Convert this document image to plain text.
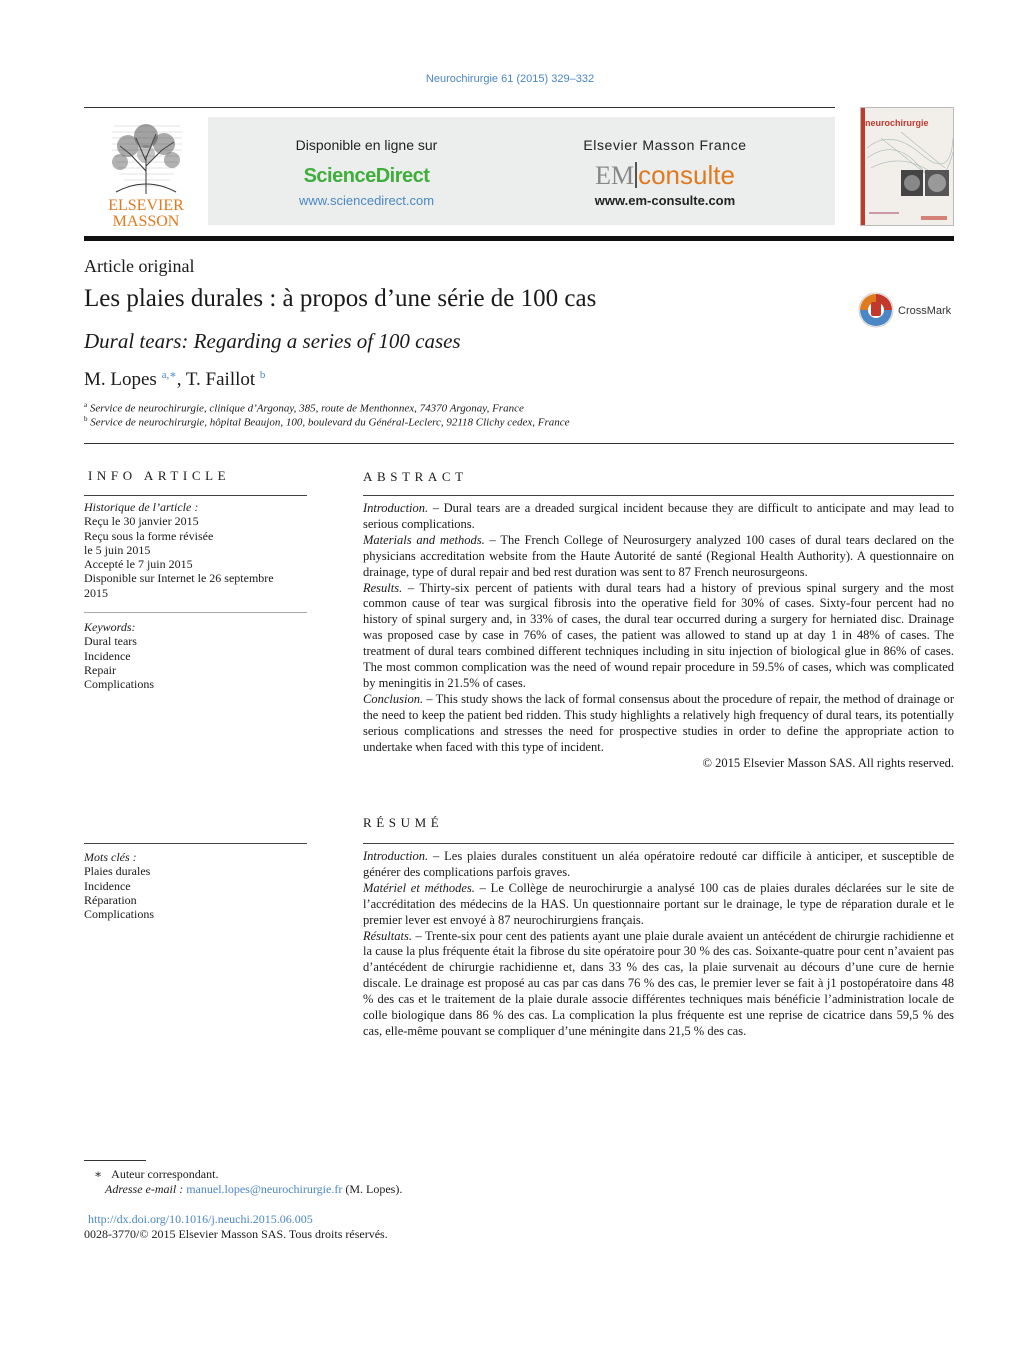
Neurochirurgie 61 (2015) 329–332
ELSEVIER
MASSON
Disponible en ligne sur
ScienceDirect
www.sciencedirect.com
Elsevier Masson France
EM consulte
www.em-consulte.com
neurochirurgie
Article original
Les plaies durales : à propos d’une série de 100 cas
Dural tears: Regarding a series of 100 cases
CrossMark
M. Lopes $^{a,∗}$, T. Faillot $^b$
$^a$ Service de neurochirurgie, clinique d’Argonay, 385, route de Menthonnex, 74370 Argonay, France
$^b$ Service de neurochirurgie, hôpital Beaujon, 100, boulevard du Général-Leclerc, 92118 Clichy cedex, France
INFO ARTICLE	ABSTRACT
Historique de l’article :
Reçu le 30 janvier 2015
Reçu sous la forme révisée
le 5 juin 2015
Accepté le 7 juin 2015
Disponible sur Internet le 26 septembre
2015
Keywords:
Dural tears
Incidence
Repair
Complications

Introduction. – Dural tears are a dreaded surgical incident because they are difficult to anticipate and may lead to serious complications.

Materials and methods. – The French College of Neurosurgery analyzed 100 cases of dural tears declared on the physicians accreditation website from the Haute Autorité de santé (Regional Health Authority). A questionnaire on drainage, type of dural repair and bed rest duration was sent to 87 French neurosurgeons.

Results. – Thirty-six percent of patients with dural tears had a history of previous spinal surgery and the most common cause of tear was surgical fibrosis into the operative field for 30% of cases. Sixty-four percent had no history of spinal surgery and, in 33% of cases, the dural tear occurred during a surgery for herniated disc. Drainage was proposed case by case in 76% of cases, the patient was allowed to stand up at day 1 in 48% of cases. The treatment of dural tears combined different techniques including in situ injection of biological glue in 86% of cases. The most common complication was the need of wound repair procedure in 59.5% of cases, which was complicated by meningitis in 21.5% of cases.

Conclusion. – This study shows the lack of formal consensus about the procedure of repair, the method of drainage or the need to keep the patient bed ridden. This study highlights a relatively high frequency of dural tears, its potentially serious complications and stresses the need for prospective studies in order to define the appropriate action to undertake when faced with this type of incident.

© 2015 Elsevier Masson SAS. All rights reserved.

RÉSUMÉ
Mots clés :
Plaies durales
Incidence
Réparation
Complications

Introduction. – Les plaies durales constituent un aléa opératoire redouté car difficile à anticiper, et susceptible de générer des complications parfois graves.

Matériel et méthodes. – Le Collège de neurochirurgie a analysé 100 cas de plaies durales déclarées sur le site de l’accréditation des médecins de la HAS. Un questionnaire portant sur le drainage, le type de réparation durale et le premier lever est envoyé à 87 neurochirurgiens français.

Résultats. – Trente-six pour cent des patients ayant une plaie durale avaient un antécédent de chirurgie rachidienne et la cause la plus fréquente était la fibrose du site opératoire pour 30 % des cas. Soixante-quatre pour cent n’avaient pas d’antécédent de chirurgie rachidienne et, dans 33 % des cas, la plaie survenait au décours d’une cure de hernie discale. Le drainage est proposé au cas par cas dans 76 % des cas, le premier lever se fait à j1 postopératoire dans 48 % des cas et le traitement de la plaie durale associe différentes techniques mais bénéficie l’administration locale de colle biologique dans 86 % des cas. La complication la plus fréquente est une reprise de cicatrice dans 59,5 % des cas, elle-même pouvant se compliquer d’une méningite dans 21,5 % des cas.

∗ Auteur correspondant.
Adresse e-mail : manuel.lopes@neurochirurgie.fr (M. Lopes).
http://dx.doi.org/10.1016/j.neuchi.2015.06.005
0028-3770/© 2015 Elsevier Masson SAS. Tous droits réservés.
